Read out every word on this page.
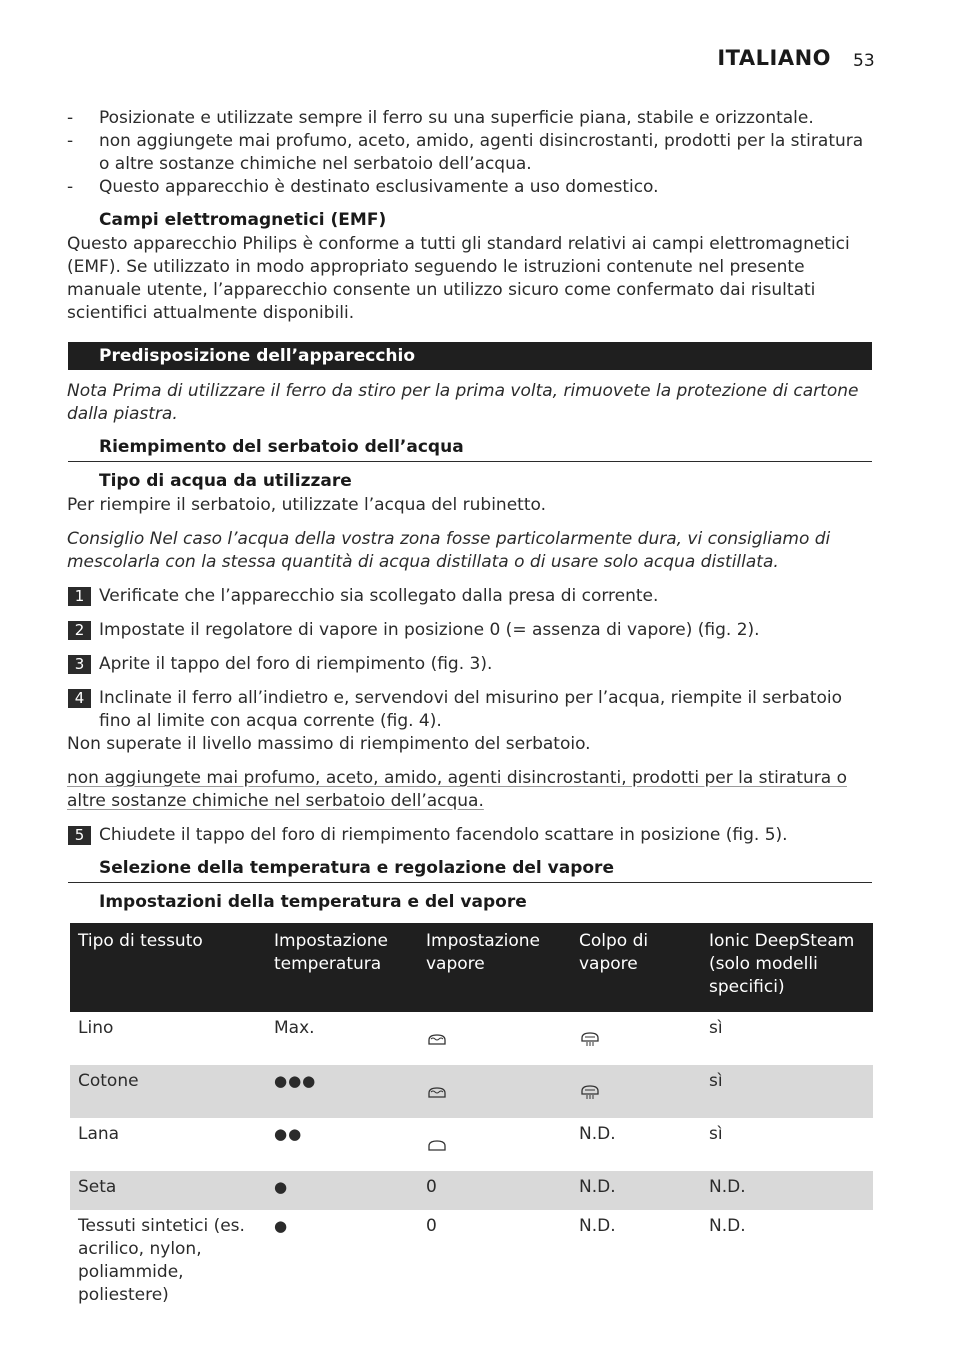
ITALIANO 53
- Posizionate e utilizzate sempre il ferro su una superficie piana, stabile e orizzontale.
- non aggiungete mai profumo, aceto, amido, agenti disincrostanti, prodotti per la stiratura o altre sostanze chimiche nel serbatoio dell’acqua.
- Questo apparecchio è destinato esclusivamente a uso domestico.
Campi elettromagnetici (EMF)
Questo apparecchio Philips è conforme a tutti gli standard relativi ai campi elettromagnetici (EMF). Se utilizzato in modo appropriato seguendo le istruzioni contenute nel presente manuale utente, l’apparecchio consente un utilizzo sicuro come confermato dai risultati scientifici attualmente disponibili.
Predisposizione dell’apparecchio
Nota Prima di utilizzare il ferro da stiro per la prima volta, rimuovete la protezione di cartone dalla piastra.
Riempimento del serbatoio dell’acqua
Tipo di acqua da utilizzare
Per riempire il serbatoio, utilizzate l’acqua del rubinetto.
Consiglio Nel caso l’acqua della vostra zona fosse particolarmente dura, vi consigliamo di mescolarla con la stessa quantità di acqua distillata o di usare solo acqua distillata.
1 Verificate che l’apparecchio sia scollegato dalla presa di corrente.
2 Impostate il regolatore di vapore in posizione 0 (= assenza di vapore) (fig. 2).
3 Aprite il tappo del foro di riempimento (fig. 3).
4 Inclinate il ferro all’indietro e, servendovi del misurino per l’acqua, riempite il serbatoio fino al limite con acqua corrente (fig. 4).
Non superate il livello massimo di riempimento del serbatoio.
non aggiungete mai profumo, aceto, amido, agenti disincrostanti, prodotti per la stiratura o altre sostanze chimiche nel serbatoio dell’acqua.
5 Chiudete il tappo del foro di riempimento facendolo scattare in posizione (fig. 5).
Selezione della temperatura e regolazione del vapore
Impostazioni della temperatura e del vapore
Tipo di tessuto	Impostazione temperatura	Impostazione vapore	Colpo di vapore	Ionic DeepSteam (solo modelli specifici)
Lino	Max.			sì
Cotone	●●●			sì
Lana	●●		N.D.	sì
Seta	●	0	N.D.	N.D.
Tessuti sintetici (es. acrilico, nylon, poliammide, poliestere)	●	0	N.D.	N.D.
